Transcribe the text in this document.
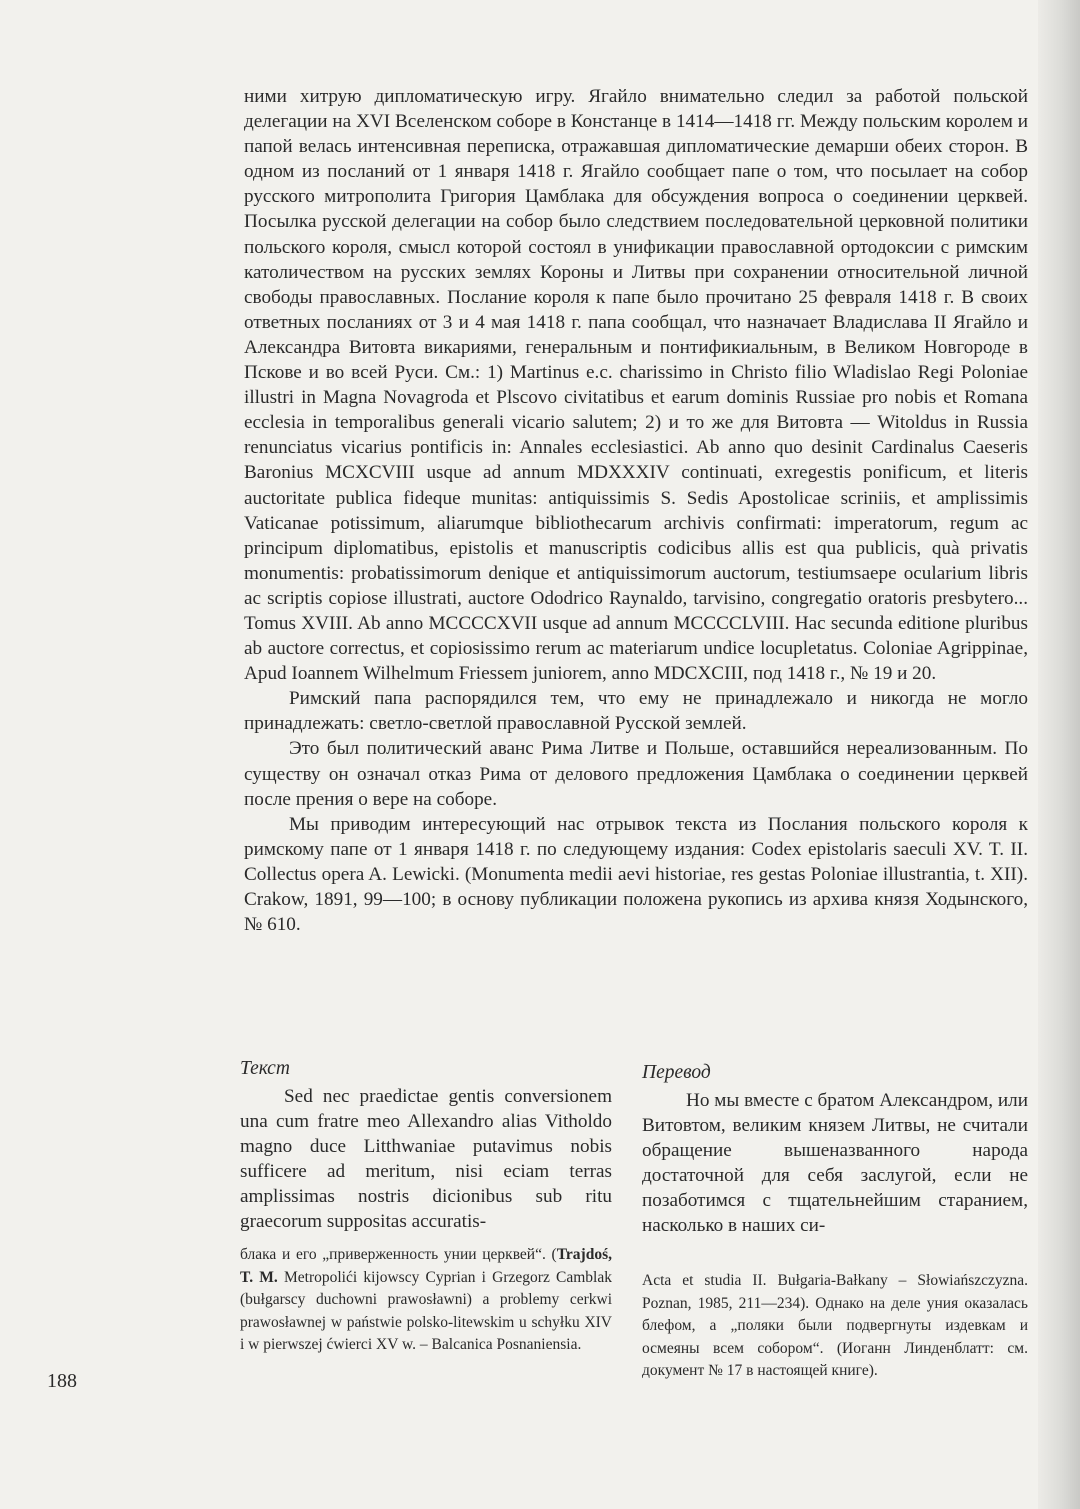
ними хитрую дипломатическую игру. Ягайло внимательно следил за работой польской делегации на XVI Вселенском соборе в Констанце в 1414—1418 гг. Между польским королем и папой велась интенсивная переписка, отражавшая дипломатические демарши обеих сторон. В одном из посланий от 1 января 1418 г. Ягайло сообщает папе о том, что посылает на собор русского митрополита Григория Цамблака для обсуждения вопроса о соединении церквей. Посылка русской делегации на собор было следствием последовательной церковной политики польского короля, смысл которой состоял в унификации православной ортодоксии с римским католичеством на русских землях Короны и Литвы при сохранении относительной личной свободы православных. Послание короля к папе было прочитано 25 февраля 1418 г. В своих ответных посланиях от 3 и 4 мая 1418 г. папа сообщал, что назначает Владислава II Ягайло и Александра Витовта викариями, генеральным и понтификиальным, в Великом Новгороде в Пскове и во всей Руси. См.: 1) Martinus e.c. charissimo in Christo filio Wladislao Regi Poloniae illustri in Magna Novagroda et Plscovo civitatibus et earum dominis Russiae pro nobis et Romana ecclesia in temporalibus generali vicario salutem; 2) и то же для Витовта — Witoldus in Russia renunciatus vicarius pontificis in: Annales ecclesiastici. Ab anno quo desinit Cardinalus Caeseris Baronius MCXCVIII usque ad annum MDXXXIV continuati, exregestis ponificum, et literis auctoritate publica fideque munitas: antiquissimis S. Sedis Apostolicae scriniis, et amplissimis Vaticanae potissimum, aliarumque bibliothecarum archivis confirmati: imperatorum, regum ac principum diplomatibus, epistolis et manuscriptis codicibus allis est qua publicis, quà privatis monumentis: probatissimorum denique et antiquissimorum auctorum, testiumsaepe ocularium libris ac scriptis copiose illustrati, auctore Ododrico Raynaldo, tarvisino, congregatio oratoris presbytero... Tomus XVIII. Ab anno MCCCCXVII usque ad annum MCCCCLVIII. Hac secunda editione pluribus ab auctore correctus, et copiosissimo rerum ac materiarum undice locupletatus. Coloniae Agrippinae, Apud Ioannem Wilhelmum Friessem juniorem, anno MDCXCIII, под 1418 г., № 19 и 20.

Римский папа распорядился тем, что ему не принадлежало и никогда не могло принадлежать: светло-светлой православной Русской землей.

Это был политический аванс Рима Литве и Польше, оставшийся нереализованным. По существу он означал отказ Рима от делового предложения Цамблака о соединении церквей после прения о вере на соборе.

Мы приводим интересующий нас отрывок текста из Послания польского короля к римскому папе от 1 января 1418 г. по следующему издания: Codex epistolaris saeculi XV. T. II. Collectus opera A. Lewicki. (Monumenta medii aevi historiae, res gestas Poloniae illustrantia, t. XII). Crakow, 1891, 99—100; в основу публикации положена рукопись из архива князя Ходынского, № 610.

Текст

Sed nec praedictae gentis conversionem una cum fratre meo Allexandro alias Vitholdo magno duce Litthwaniae putavimus nobis sufficere ad meritum, nisi eciam terras amplissimas nostris dicionibus sub ritu graecorum suppositas accuratis-

Перевод

Но мы вместе с братом Александром, или Витовтом, великим князем Литвы, не считали обращение вышеназванного народа достаточной для себя заслугой, если не позаботимся с тщательнейшим старанием, насколько в наших си-

блака и его „приверженность унии церквей“. (Trajdoś, T. M. Metropolići kijowscy Cyprian i Grzegorz Camblak (bułgarscy duchowni prawosławni) a problemy cerkwi prawosławnej w państwie polsko-litewskim u schyłku XIV i w pierwszej ćwierci XV w. – Balcanica Posnaniensia.

Acta et studia II. Bułgaria-Bałkany – Słowiańszczyzna. Poznan, 1985, 211—234). Однако на деле уния оказалась блефом, а „поляки были подвергнуты издевкам и осмеяны всем собором“. (Иоганн Линденблатт: см. документ № 17 в настоящей книге).

188
